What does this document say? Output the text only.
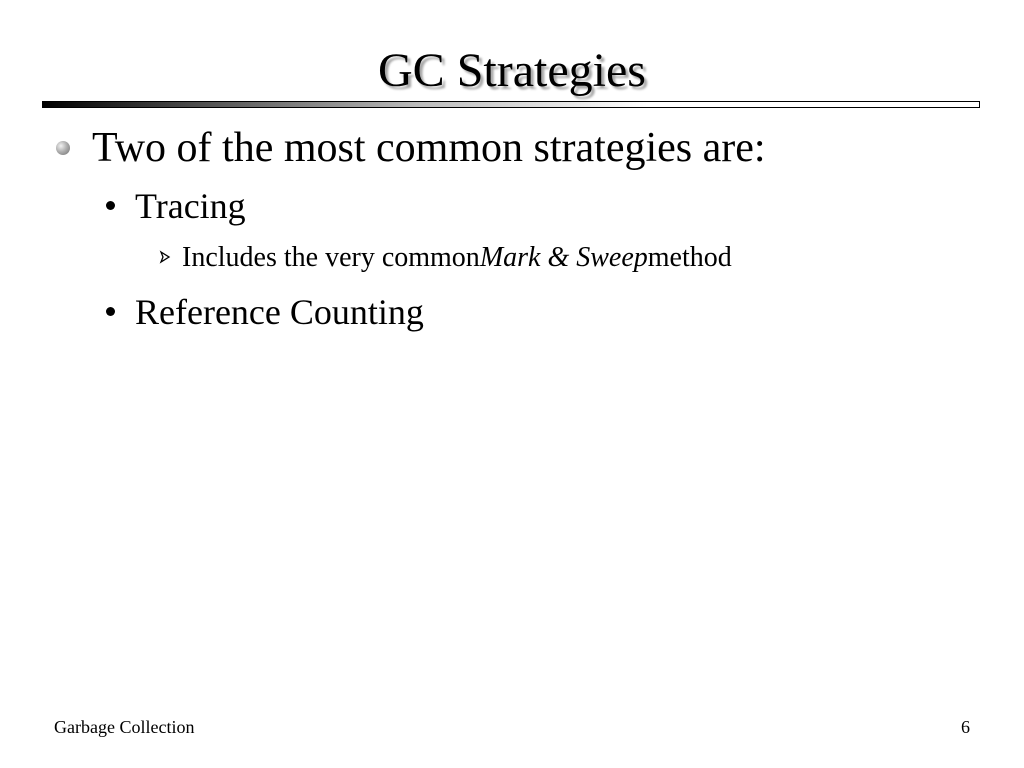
GC Strategies
Two of the most common strategies are:
Tracing
Includes the very common Mark & Sweep method
Reference Counting
Garbage Collection	6
